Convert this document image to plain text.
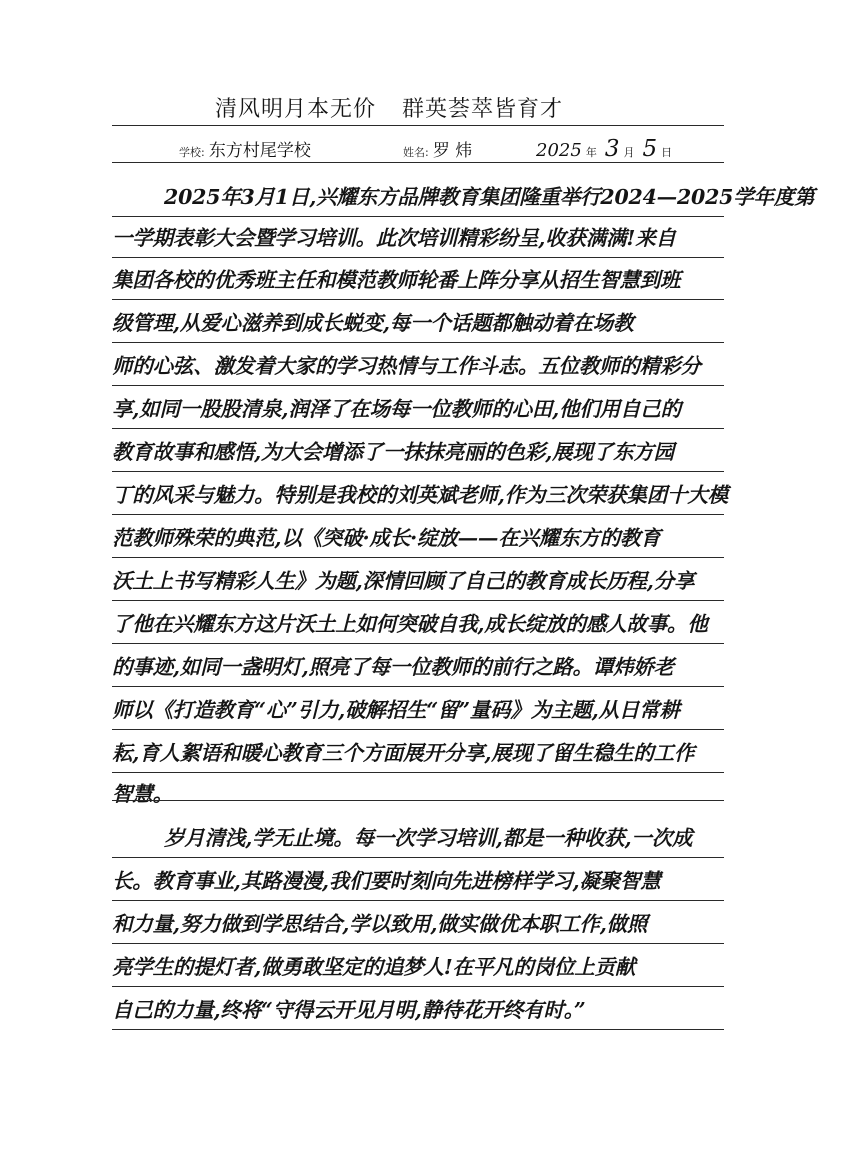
清风明月本无价 群英荟萃皆育才
学校: 东方村尾学校	姓名: 罗 炜	2025 年 3 月 5 日
2025年3月1日,兴耀东方品牌教育集团隆重举行2024—2025学年度第
一学期表彰大会暨学习培训。此次培训精彩纷呈,收获满满!来自
集团各校的优秀班主任和模范教师轮番上阵分享从招生智慧到班
级管理,从爱心滋养到成长蜕变,每一个话题都触动着在场教
师的心弦、激发着大家的学习热情与工作斗志。五位教师的精彩分
享,如同一股股清泉,润泽了在场每一位教师的心田,他们用自己的
教育故事和感悟,为大会增添了一抹抹亮丽的色彩,展现了东方园
丁的风采与魅力。特别是我校的刘英斌老师,作为三次荣获集团十大模
范教师殊荣的典范,以《突破·成长·绽放——在兴耀东方的教育
沃土上书写精彩人生》为题,深情回顾了自己的教育成长历程,分享
了他在兴耀东方这片沃土上如何突破自我,成长绽放的感人故事。他
的事迹,如同一盏明灯,照亮了每一位教师的前行之路。谭炜娇老
师以《打造教育“心”引力,破解招生“留”量码》为主题,从日常耕
耘,育人絮语和暖心教育三个方面展开分享,展现了留生稳生的工作
智慧。
岁月清浅,学无止境。每一次学习培训,都是一种收获,一次成
长。教育事业,其路漫漫,我们要时刻向先进榜样学习,凝聚智慧
和力量,努力做到学思结合,学以致用,做实做优本职工作,做照
亮学生的提灯者,做勇敢坚定的追梦人!在平凡的岗位上贡献
自己的力量,终将“守得云开见月明,静待花开终有时。”
